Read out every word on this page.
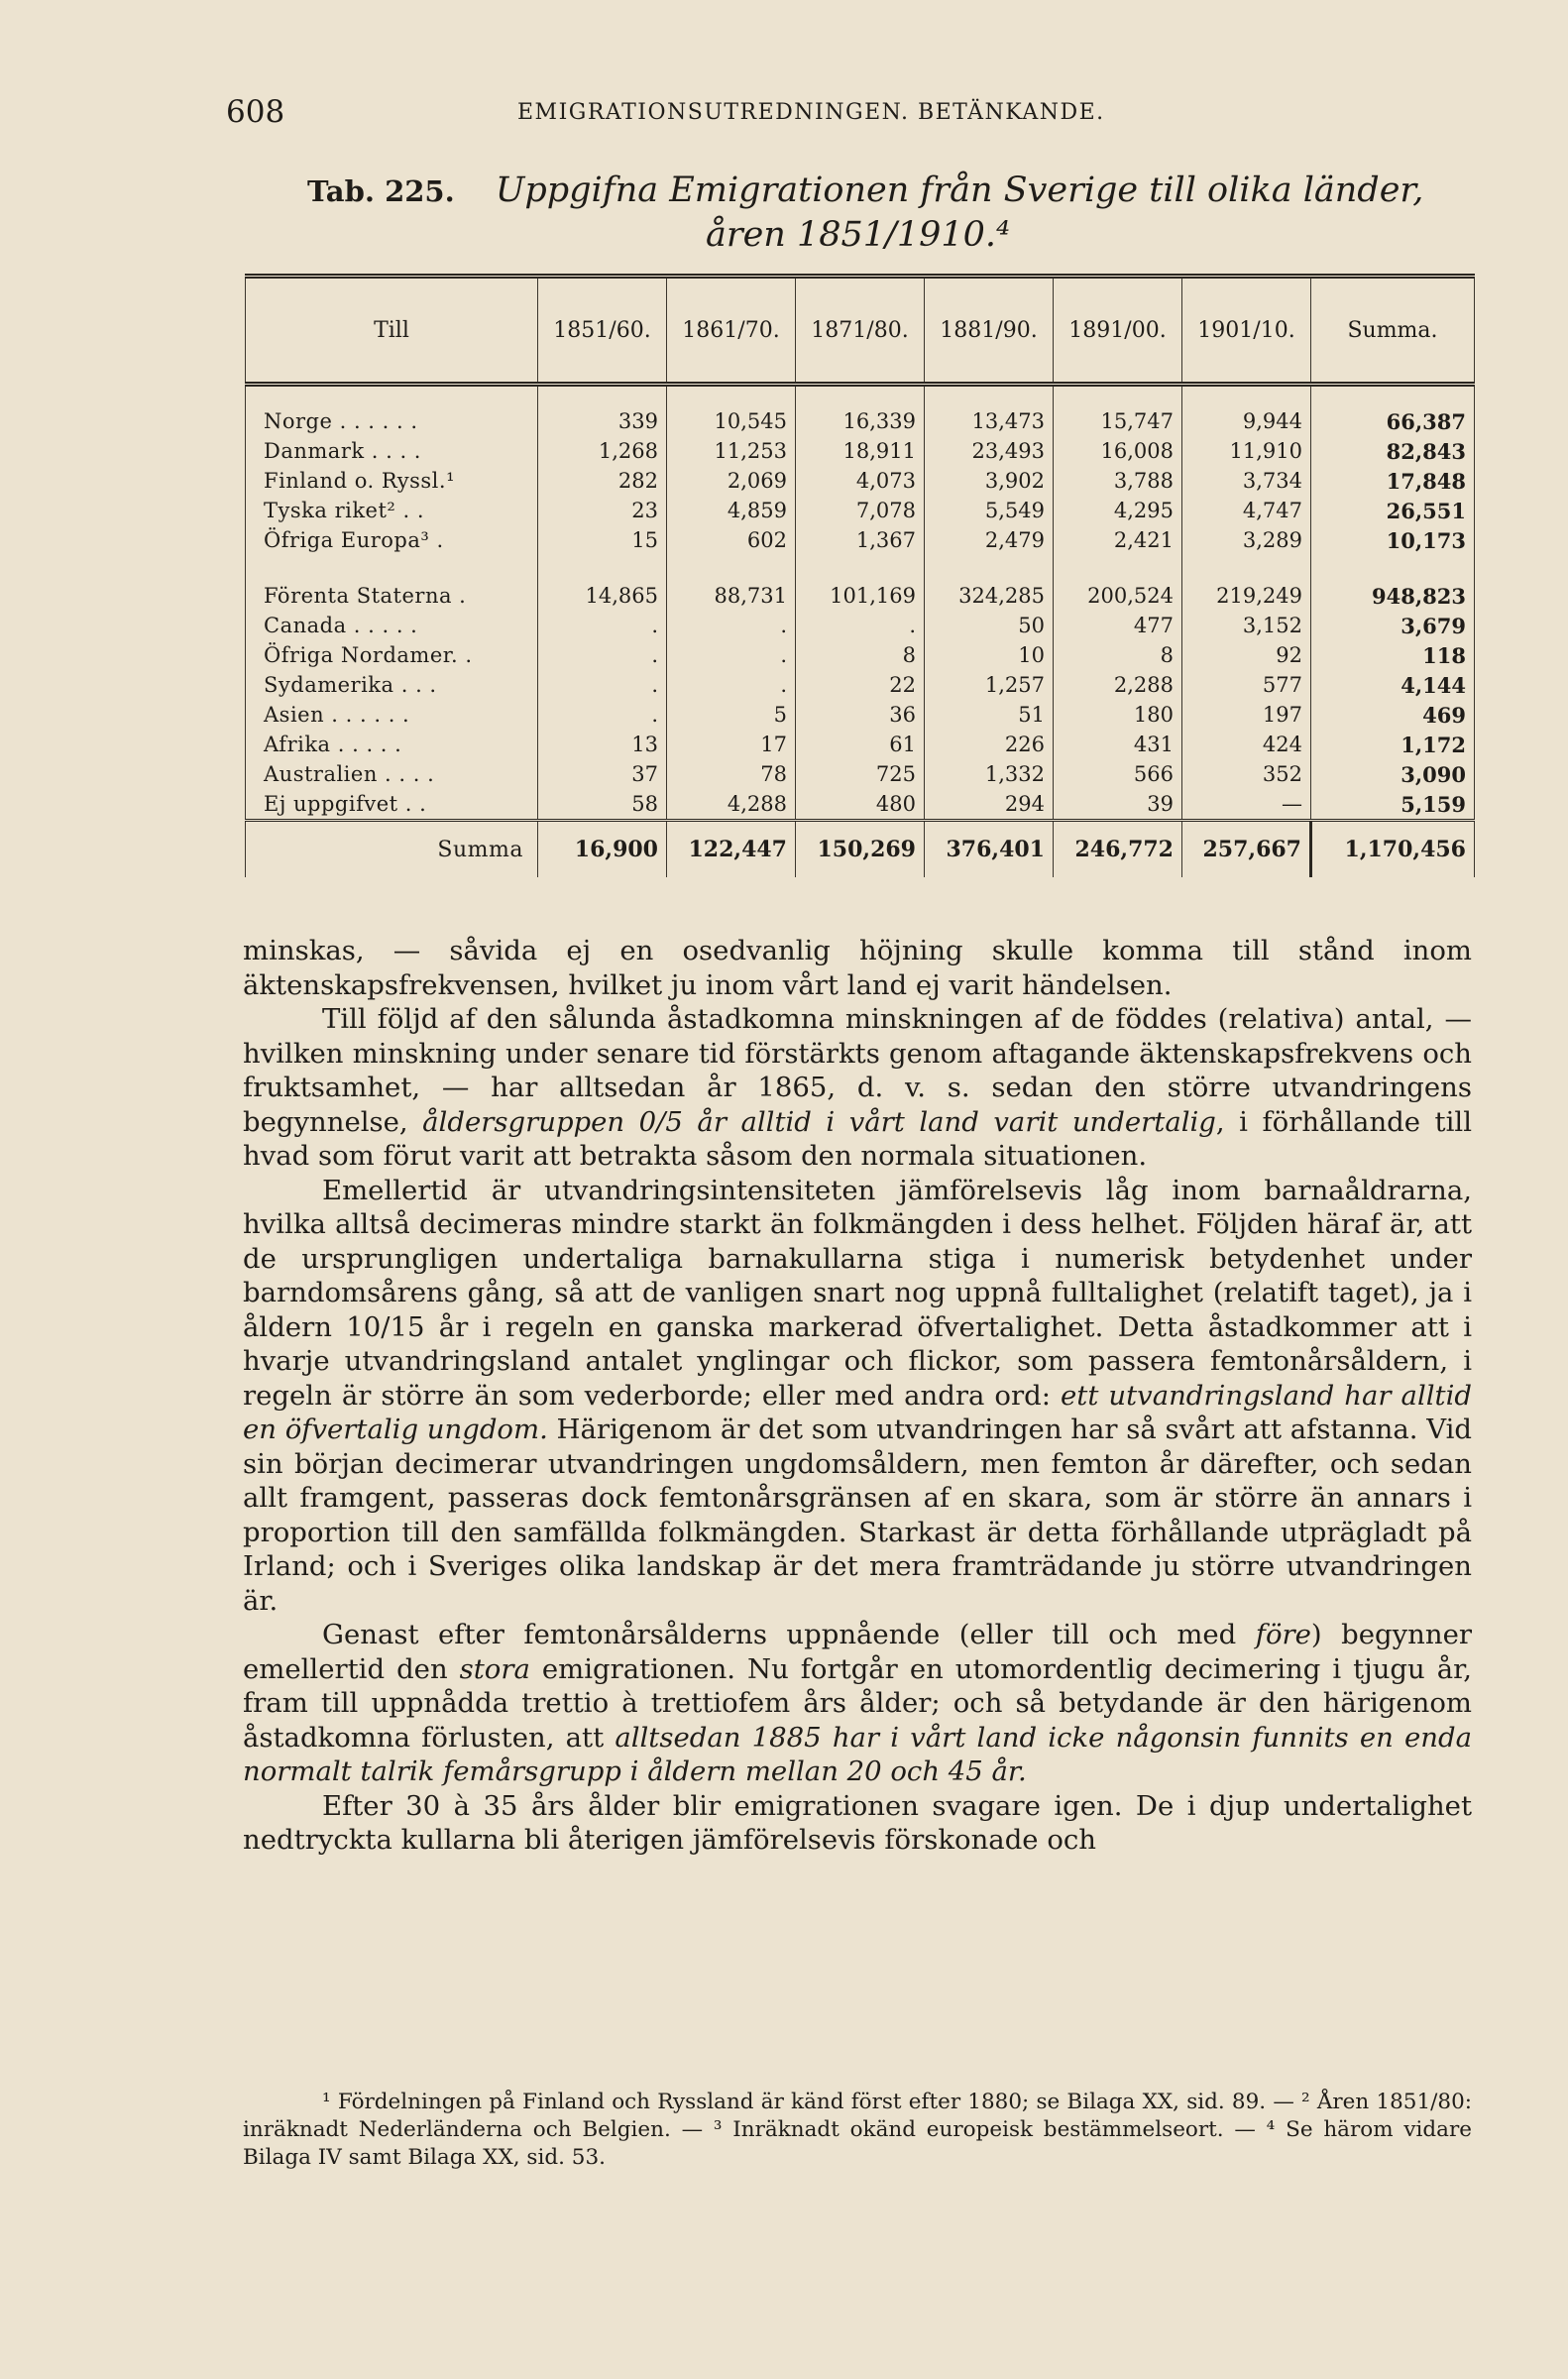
608	EMIGRATIONSUTREDNINGEN. BETÄNKANDE.
Tab. 225. Uppgifna Emigrationen från Sverige till olika länder,
åren 1851/1910.⁴
Till	1851/60.	1861/70.	1871/80.	1881/90.	1891/00.	1901/10.	Summa.
Norge . . . . . .	339	10,545	16,339	13,473	15,747	9,944	66,387
Danmark . . . .	1,268	11,253	18,911	23,493	16,008	11,910	82,843
Finland o. Ryssl.¹	282	2,069	4,073	3,902	3,788	3,734	17,848
Tyska riket² . .	23	4,859	7,078	5,549	4,295	4,747	26,551
Öfriga Europa³ .	15	602	1,367	2,479	2,421	3,289	10,173
Förenta Staterna .	14,865	88,731	101,169	324,285	200,524	219,249	948,823
Canada . . . . .	.	.	.	50	477	3,152	3,679
Öfriga Nordamer. .	.	.	8	10	8	92	118
Sydamerika . . .	.	.	22	1,257	2,288	577	4,144
Asien . . . . . .	.	5	36	51	180	197	469
Afrika . . . . .	13	17	61	226	431	424	1,172
Australien . . . .	37	78	725	1,332	566	352	3,090
Ej uppgifvet . .	58	4,288	480	294	39	—	5,159
Summa	16,900	122,447	150,269	376,401	246,772	257,667	1,170,456

minskas, — såvida ej en osedvanlig höjning skulle komma till stånd inom äktenskapsfrekvensen, hvilket ju inom vårt land ej varit händelsen.

Till följd af den sålunda åstadkomna minskningen af de föddes (relativa) antal, — hvilken minskning under senare tid förstärkts genom aftagande äktenskapsfrekvens och fruktsamhet, — har alltsedan år 1865, d. v. s. sedan den större utvandringens begynnelse, åldersgruppen 0/5 år alltid i vårt land varit undertalig, i förhållande till hvad som förut varit att betrakta såsom den normala situationen.

Emellertid är utvandringsintensiteten jämförelsevis låg inom barnaåldrarna, hvilka alltså decimeras mindre starkt än folkmängden i dess helhet. Följden häraf är, att de ursprungligen undertaliga barnakullarna stiga i numerisk betydenhet under barndomsårens gång, så att de vanligen snart nog uppnå fulltalighet (relatift taget), ja i åldern 10/15 år i regeln en ganska markerad öfvertalighet. Detta åstadkommer att i hvarje utvandringsland antalet ynglingar och flickor, som passera femtonårsåldern, i regeln är större än som vederborde; eller med andra ord: ett utvandringsland har alltid en öfvertalig ungdom. Härigenom är det som utvandringen har så svårt att afstanna. Vid sin början decimerar utvandringen ungdomsåldern, men femton år därefter, och sedan allt framgent, passeras dock femtonårsgränsen af en skara, som är större än annars i proportion till den samfällda folkmängden. Starkast är detta förhållande utprägladt på Irland; och i Sveriges olika landskap är det mera framträdande ju större utvandringen är.

Genast efter femtonårsålderns uppnående (eller till och med före) begynner emellertid den stora emigrationen. Nu fortgår en utomordentlig decimering i tjugu år, fram till uppnådda trettio à trettiofem års ålder; och så betydande är den härigenom åstadkomna förlusten, att alltsedan 1885 har i vårt land icke någonsin funnits en enda normalt talrik femårsgrupp i åldern mellan 20 och 45 år.

Efter 30 à 35 års ålder blir emigrationen svagare igen. De i djup undertalighet nedtryckta kullarna bli återigen jämförelsevis förskonade och

¹ Fördelningen på Finland och Ryssland är känd först efter 1880; se Bilaga XX, sid. 89. — ² Åren 1851/80: inräknadt Nederländerna och Belgien. — ³ Inräknadt okänd europeisk bestämmelseort. — ⁴ Se härom vidare Bilaga IV samt Bilaga XX, sid. 53.
